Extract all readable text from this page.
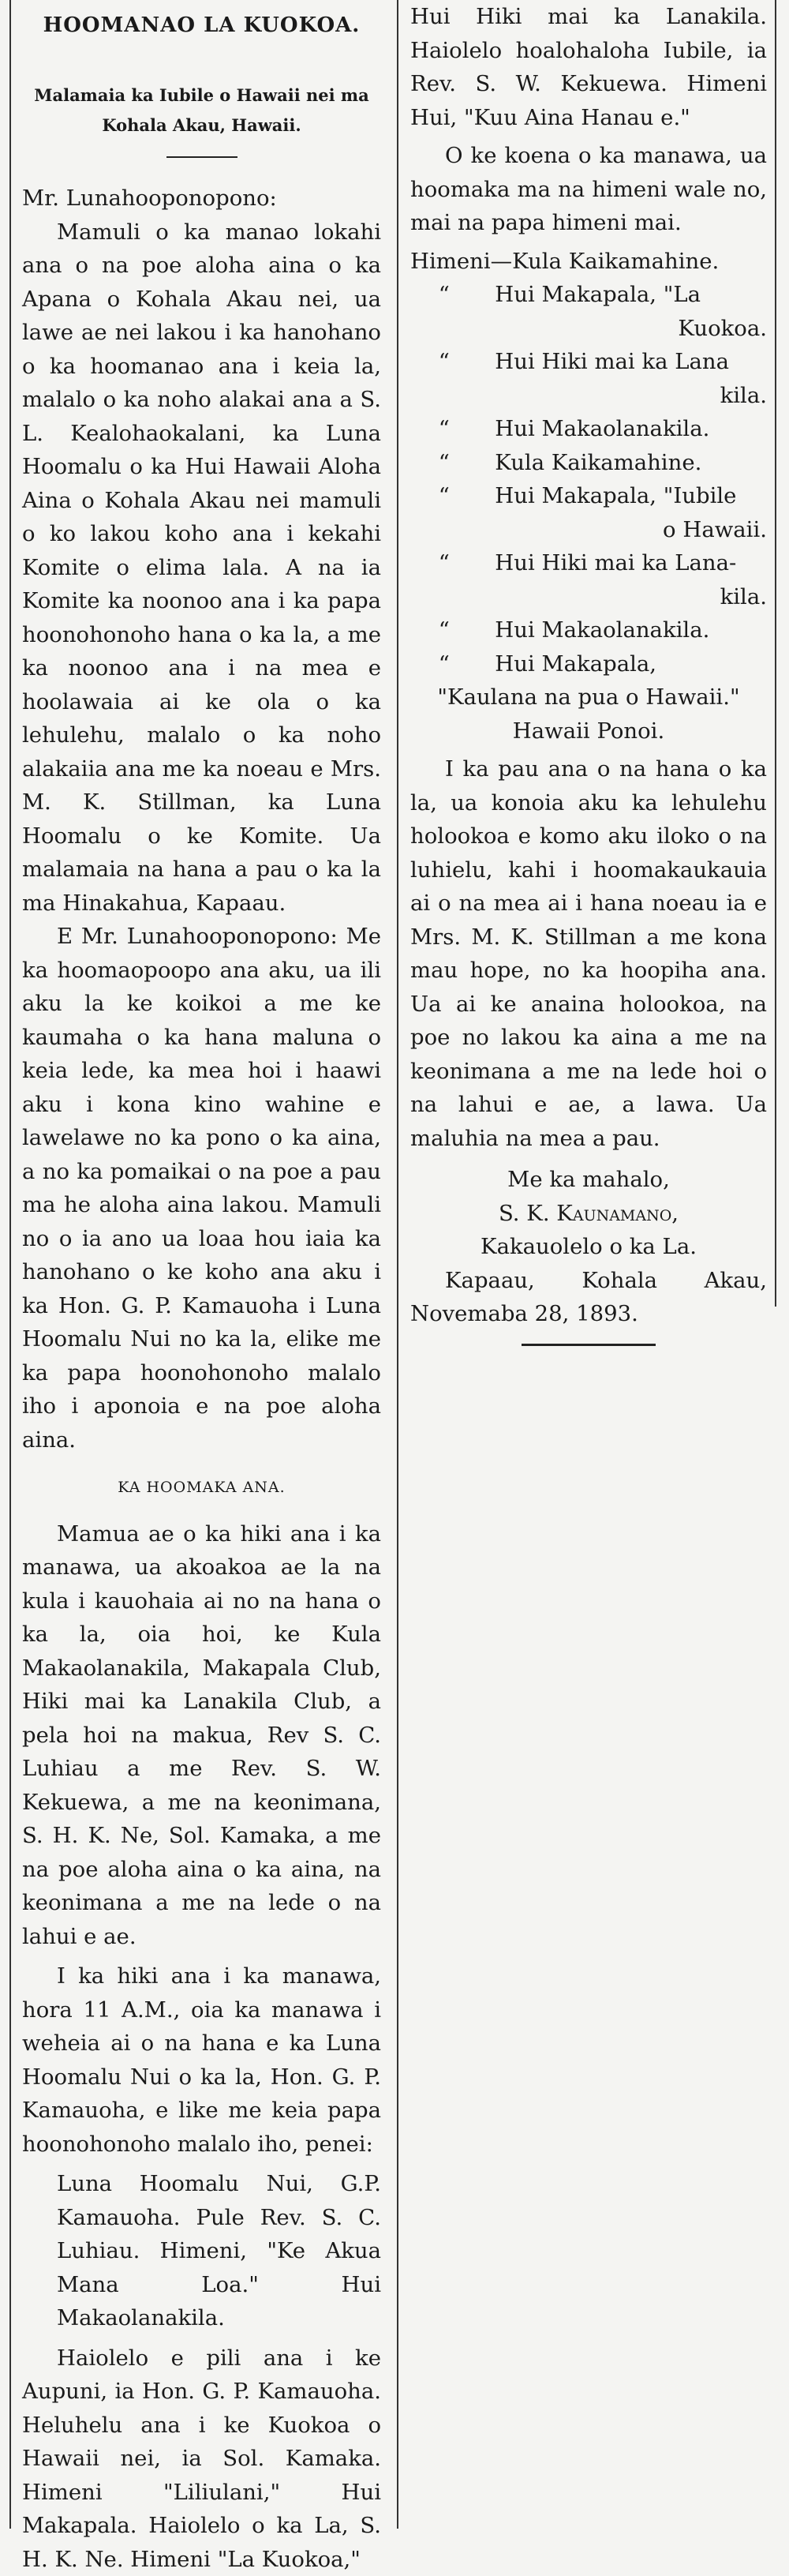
HOOMANAO LA KUOKOA.
Malamaia ka Iubile o Hawaii nei ma
Kohala Akau, Hawaii.

Mr. Lunahooponopono:

Mamuli o ka manao lokahi ana o na poe aloha aina o ka Apana o Kohala Akau nei, ua lawe ae nei lakou i ka hanohano o ka hoomanao ana i keia la, malalo o ka noho alakai ana a S. L. Kealohaokalani, ka Luna Hoomalu o ka Hui Hawaii Aloha Aina o Kohala Akau nei mamuli o ko lakou koho ana i kekahi Komite o elima lala. A na ia Komite ka noonoo ana i ka papa hoonohonoho hana o ka la, a me ka noonoo ana i na mea e hoolawaia ai ke ola o ka lehulehu, malalo o ka noho alakaiia ana me ka noeau e Mrs. M. K. Stillman, ka Luna Hoomalu o ke Komite. Ua malamaia na hana a pau o ka la ma Hinakahua, Kapaau.

E Mr. Lunahooponopono: Me ka hoomaopoopo ana aku, ua ili aku la ke koikoi a me ke kaumaha o ka hana maluna o keia lede, ka mea hoi i haawi aku i kona kino wahine e lawelawe no ka pono o ka aina, a no ka pomaikai o na poe a pau ma he aloha aina lakou. Mamuli no o ia ano ua loaa hou iaia ka hanohano o ke koho ana aku i ka Hon. G. P. Kamauoha i Luna Hoomalu Nui no ka la, elike me ka papa hoonohonoho malalo iho i aponoia e na poe aloha aina.

KA HOOMAKA ANA.

Mamua ae o ka hiki ana i ka manawa, ua akoakoa ae la na kula i kauohaia ai no na hana o ka la, oia hoi, ke Kula Makaolanakila, Makapala Club, Hiki mai ka Lanakila Club, a pela hoi na makua, Rev S. C. Luhiau a me Rev. S. W. Kekuewa, a me na keonimana, S. H. K. Ne, Sol. Kamaka, a me na poe aloha aina o ka aina, na keonimana a me na lede o na lahui e ae.

I ka hiki ana i ka manawa, hora 11 A.M., oia ka manawa i weheia ai o na hana e ka Luna Hoomalu Nui o ka la, Hon. G. P. Kamauoha, e like me keia papa hoonohonoho malalo iho, penei:

Luna Hoomalu Nui, G.P. Kamauoha. Pule Rev. S. C. Luhiau. Himeni, "Ke Akua Mana Loa." Hui Makaolanakila.

Haiolelo e pili ana i ke Aupuni, ia Hon. G. P. Kamauoha. Heluhelu ana i ke Kuokoa o Hawaii nei, ia Sol. Kamaka. Himeni "Liliulani," Hui Makapala. Haiolelo o ka La, S. H. K. Ne. Himeni "La Kuokoa,"

Hui Hiki mai ka Lanakila. Haiolelo hoalohaloha Iubile, ia Rev. S. W. Kekuewa. Himeni Hui, "Kuu Aina Hanau e."

O ke koena o ka manawa, ua hoomaka ma na himeni wale no, mai na papa himeni mai.

Himeni—Kula Kaikamahine.

“ Hui Makapala, "La
Kuokoa.
“ Hui Hiki mai ka Lana
kila.
“ Hui Makaolanakila.
“ Kula Kaikamahine.
“ Hui Makapala, "Iubile
o Hawaii.
“ Hui Hiki mai ka Lana-
kila.
“ Hui Makaolanakila.
“ Hui Makapala,

"Kaulana na pua o Hawaii."

Hawaii Ponoi.

I ka pau ana o na hana o ka la, ua konoia aku ka lehulehu holookoa e komo aku iloko o na luhielu, kahi i hoomakaukauia ai o na mea ai i hana noeau ia e Mrs. M. K. Stillman a me kona mau hope, no ka hoopiha ana. Ua ai ke anaina holookoa, na poe no lakou ka aina a me na keonimana a me na lede hoi o na lahui e ae, a lawa. Ua maluhia na mea a pau.

Me ka mahalo,

S. K. Kaunamano,

Kakauolelo o ka La.

Kapaau, Kohala Akau, Novemaba 28, 1893.
